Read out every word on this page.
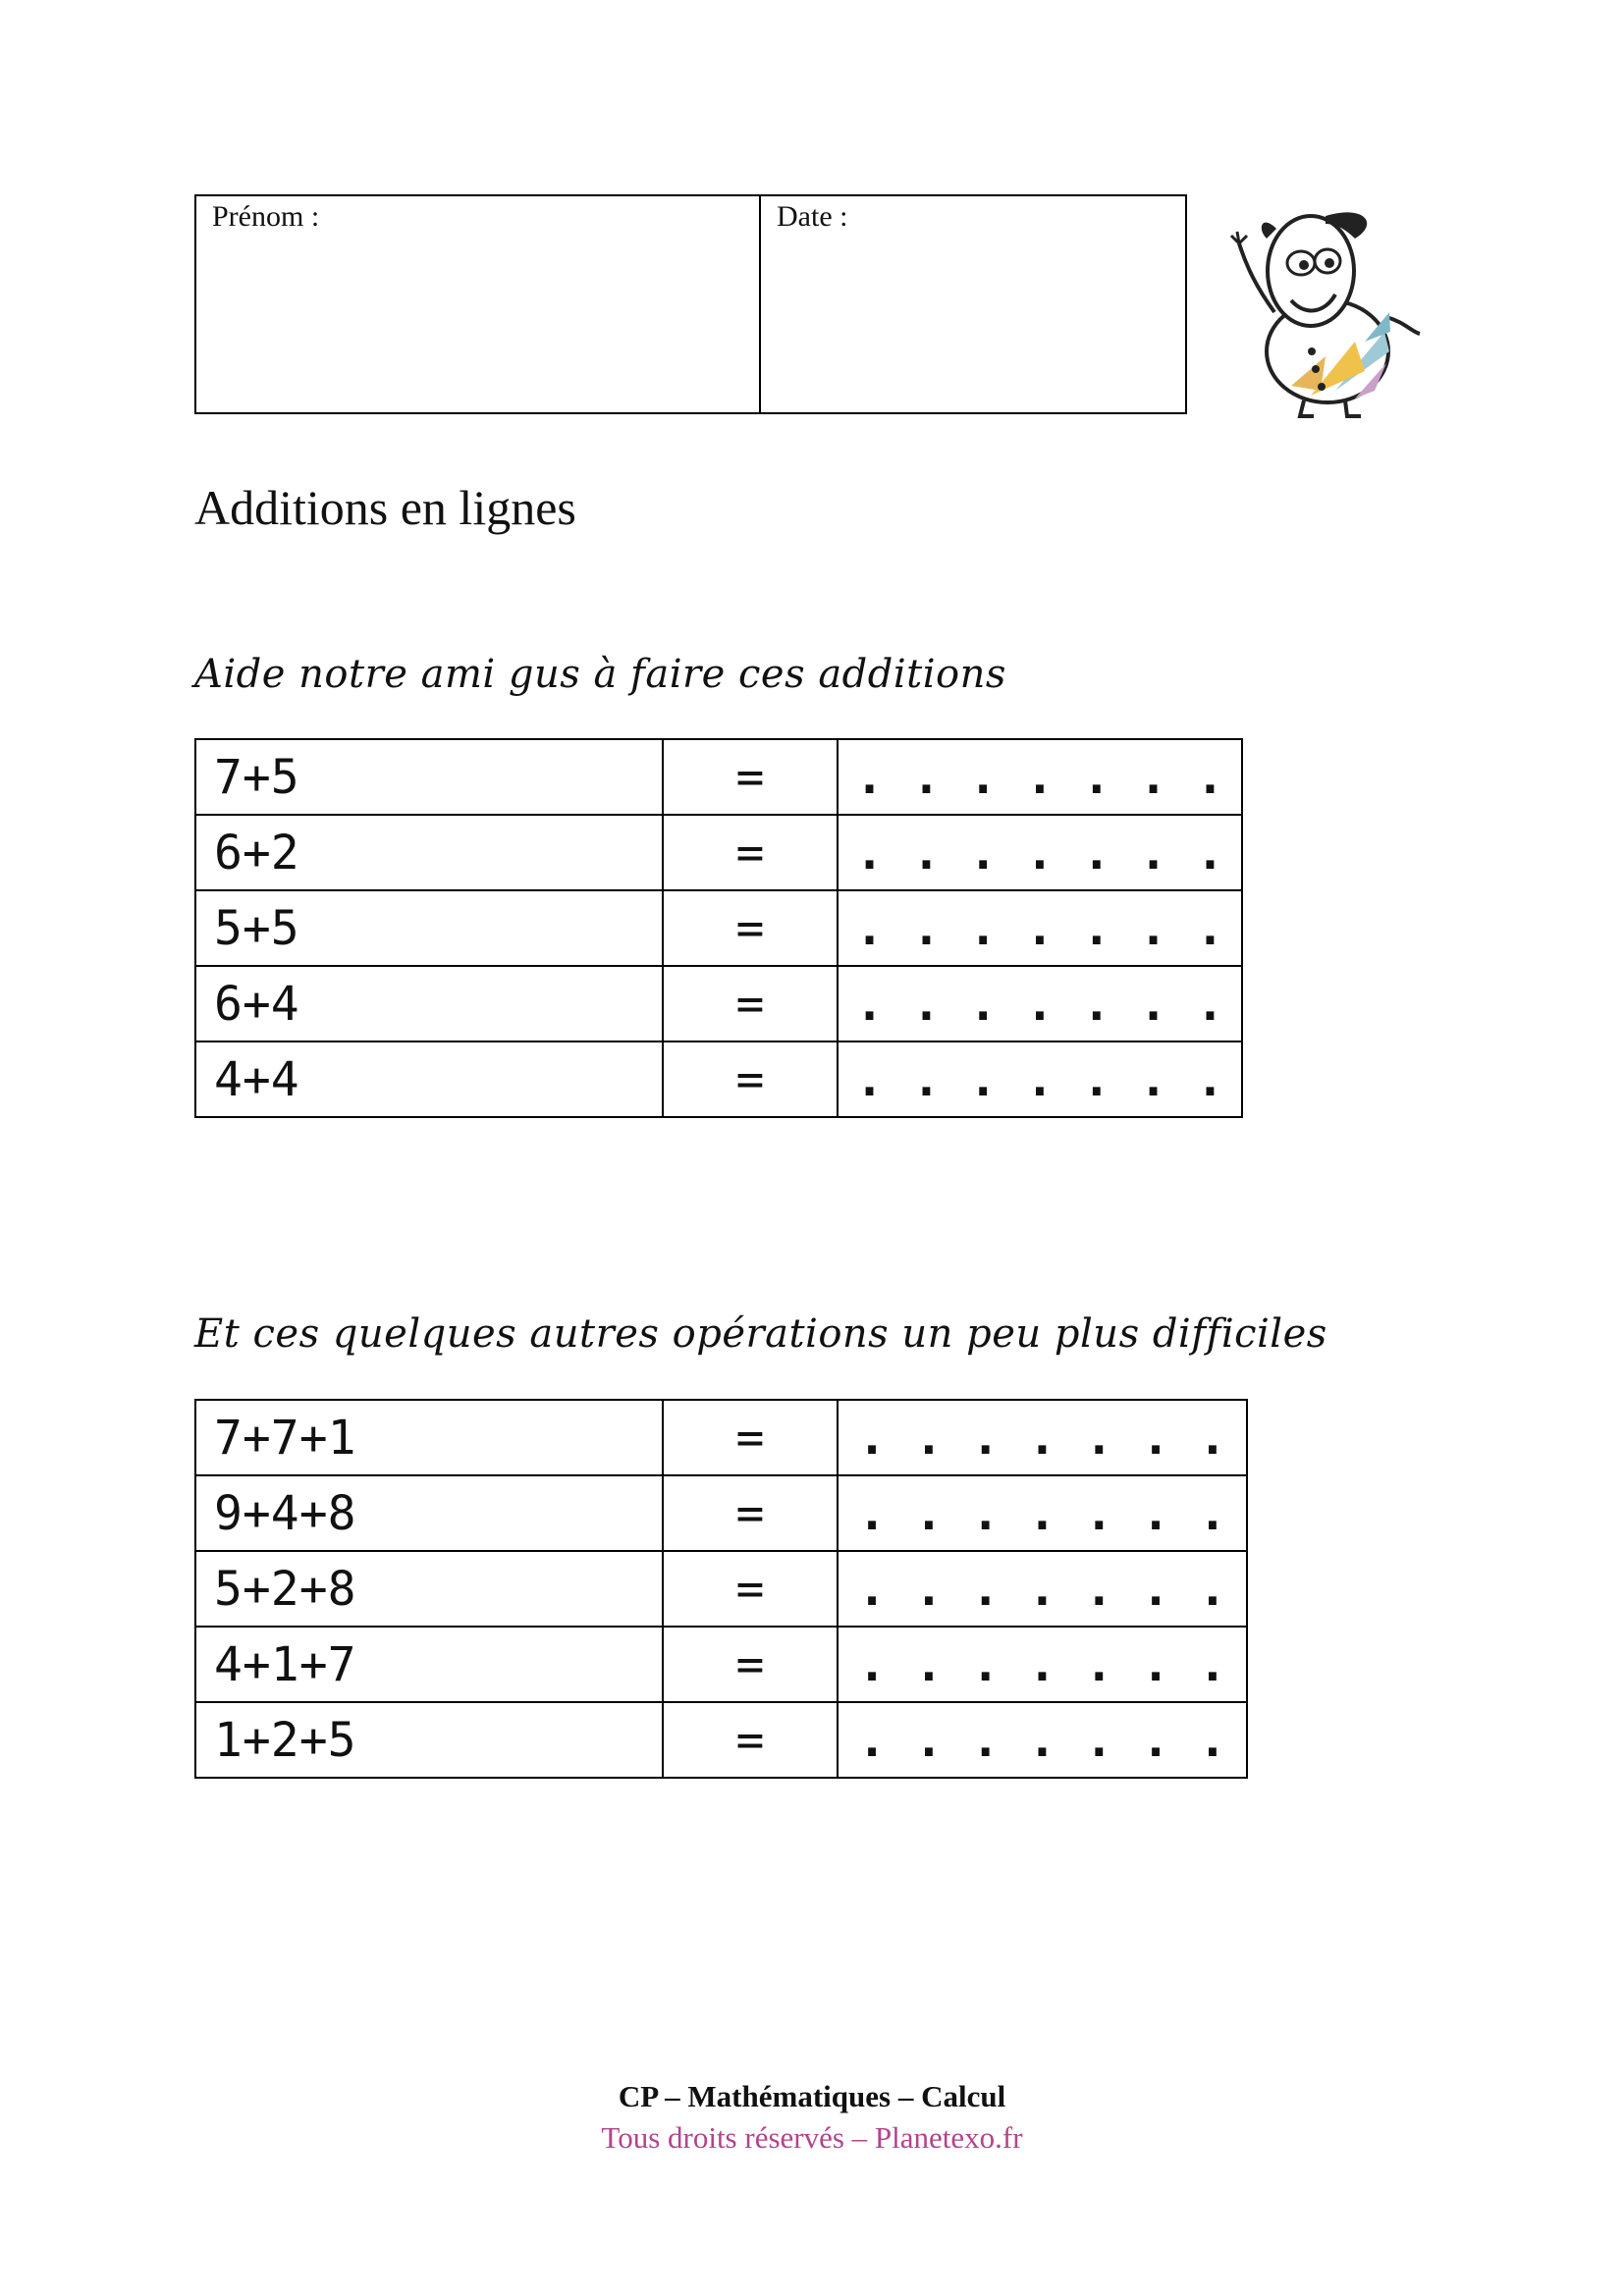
Prénom :	Date :
Additions en lignes

Aide notre ami gus à faire ces additions

7+5	=	. . . . . . .
6+2	=	. . . . . . .
5+5	=	. . . . . . .
6+4	=	. . . . . . .
4+4	=	. . . . . . .

Et ces quelques autres opérations un peu plus difficiles

7+7+1	=	. . . . . . .
9+4+8	=	. . . . . . .
5+2+8	=	. . . . . . .
4+1+7	=	. . . . . . .
1+2+5	=	. . . . . . .
CP – Mathématiques – Calcul
Tous droits réservés – Planetexo.fr
